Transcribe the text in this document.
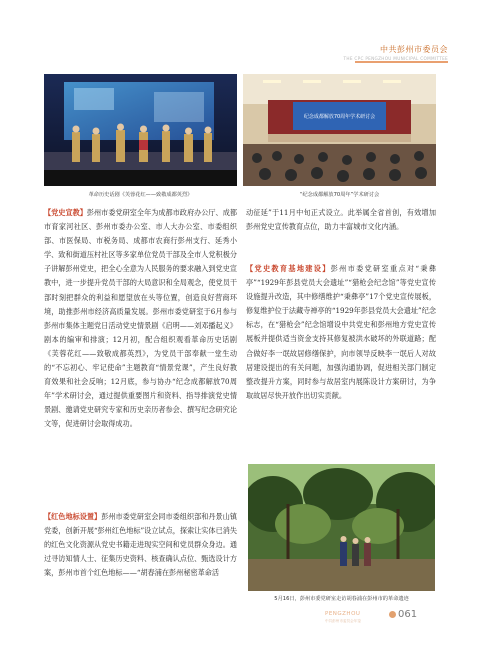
中共彭州市委员会
THE CPC PENGZHOU MUNICIPAL COMMITTEE
革命历史话剧《芙蓉花红——致敬成都英烈》
纪念成都解放70周年学术研讨会
“纪念成都解放70周年”学术研讨会
【党史宣教】彭州市委党研室全年为成都市政府办公厅、成都市育家河社区、彭州市委办公室、市人大办公室、市委组织部、市医保局、市税务局、成都市农商行彭州支行、延秀小学、致和街道压村社区等多家单位党员干部及全市人党积极分子讲解彭州党史，把全心全意为人民服务的要求融入到党史宣教中，进一步提升党员干部的大局意识和全局观念，使党员干部时刻把群众的利益和愿望放在头等位置，创造良好营商环境，助推彭州市经济高质量发展。彭州市委党研室于6月参与彭州市集体主题党日活动党史情景剧《启明——刘邓播起义》剧本的编审和排演；12月初，配合组织观看革命历史话剧《芙蓉花红——致敬成都英烈》，为党员干部奉献一堂生动的“不忘初心、牢记使命”主题教育“情景党课”，产生良好教育效果和社会反响；12月底，参与协办“纪念成都解放70周年”学术研讨会，通过提供重要图片和资料、指导排演党史情景剧、邀请党史研究专家和历史亲历者参会、撰写纪念研究论文等，促进研讨会取得成功。
动征延”于11月中旬正式设立。此举属全省首创，有效增加彭州党史宣传教育点位，助力丰富城市文化内涵。
【党史教育基地建设】彭州市委党研室重点对“秉彝亭”“1929年彭县党员大会遗址”“猎枪会纪念馆”等党史宣传设施提升改造，其中修缮维护“秉彝亭”17个党史宣传展板，修复维护位于法藏寺禅亭的“1929年彭县党员大会遗址”纪念标志，在“猎枪会”纪念馆增设中共党史和彭州地方党史宣传展板并提供适当资金支持其修复被洪水破坏的外联道路；配合做好李一氓故居修缮保护，向市领导反映李一氓后人对故居建设提出的有关问题，加强沟通协调，促进相关部门制定整改提升方案，同时参与故居室内展陈设计方案研讨，为争取故居尽快开放作出切实贡献。
【红色地标设置】彭州市委党研室会同市委组织部和丹景山镇党委，创新开展“彭州红色地标”设立试点，探索让实体已消失的红色文化资源从党史书籍走进现实空间和党员群众身边。通过寻访知情人士、征集历史资料、核查确认点位、甄选设计方案，彭州市首个红色地标——“胡春浦在彭州秘密革命活
5月16日，彭州市委党研室走访胡春浦在彭州市的革命遗迹
PENGZHOU
中共彭州市委员会年鉴
061
